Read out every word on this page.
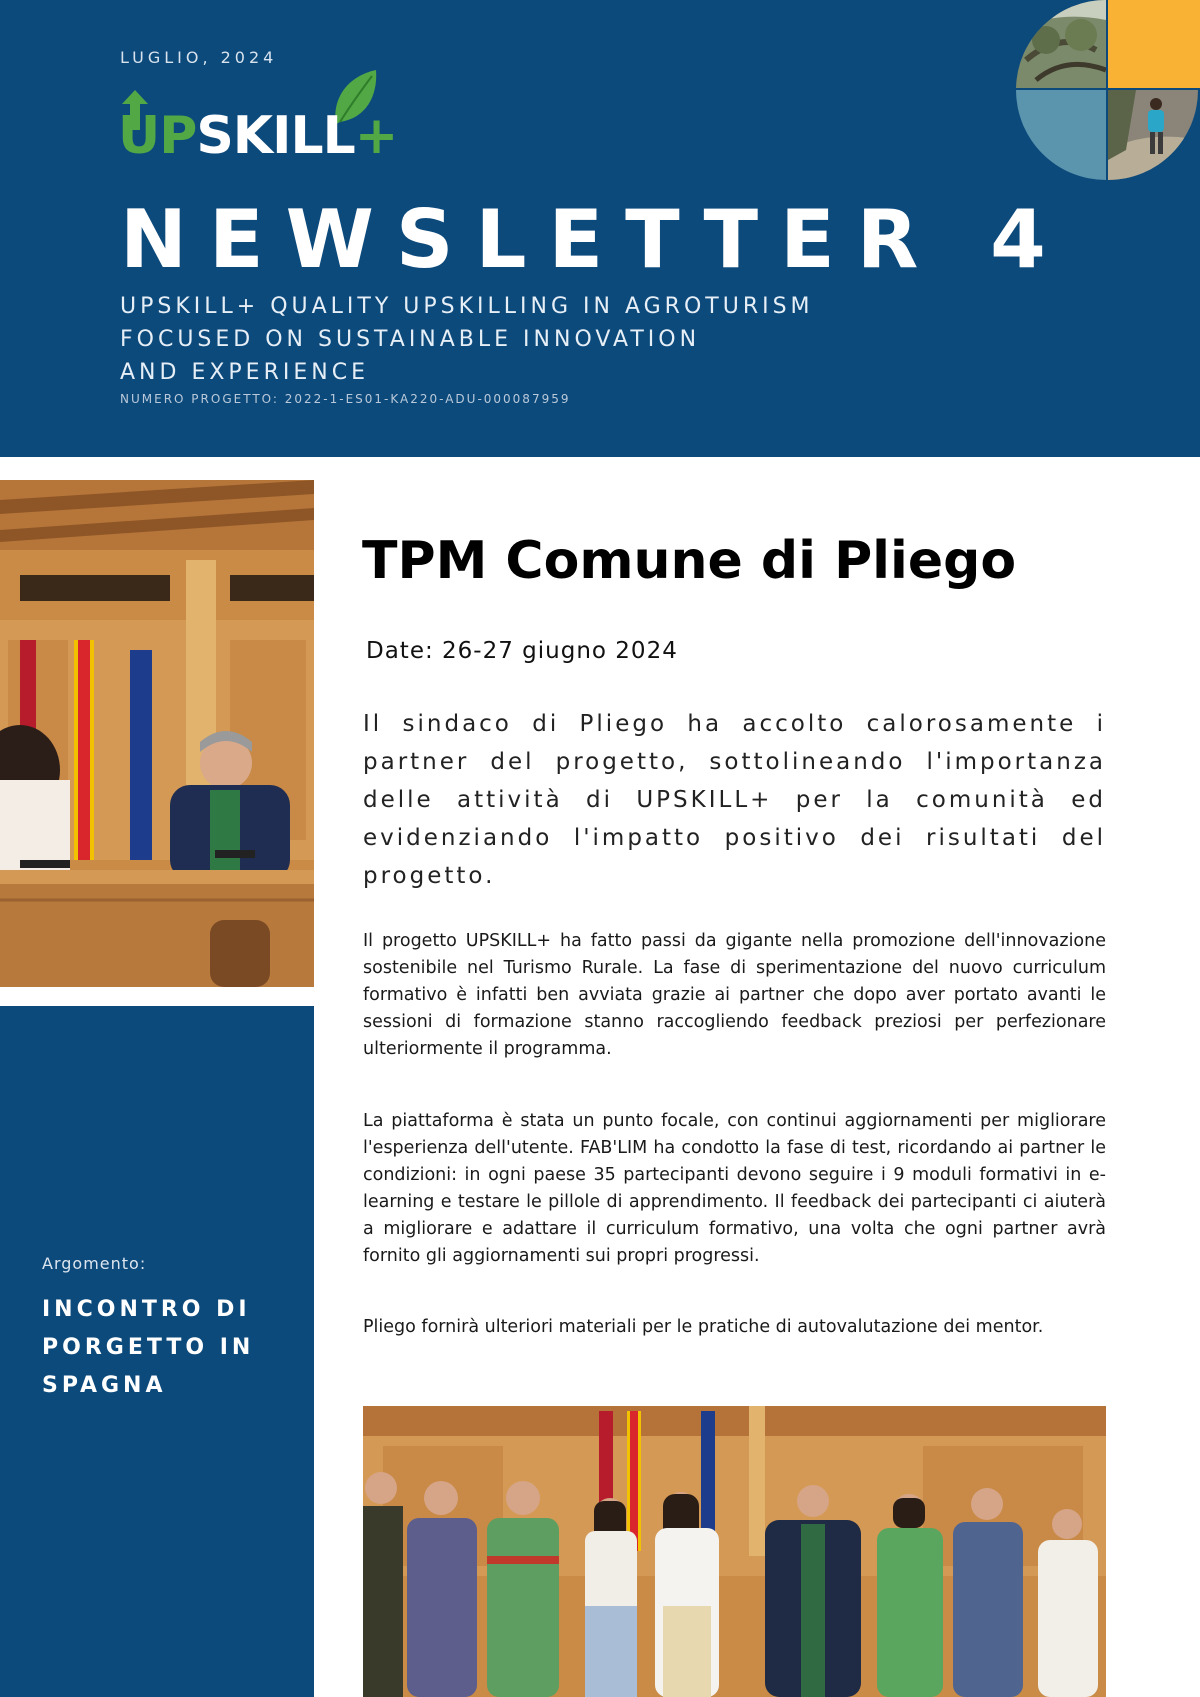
LUGLIO, 2024
UPSKILL+
NEWSLETTER 4
UPSKILL+ QUALITY UPSKILLING IN AGROTURISM
FOCUSED ON SUSTAINABLE INNOVATION
AND EXPERIENCE
NUMERO PROGETTO: 2022-1-ES01-KA220-ADU-000087959
Argomento:
INCONTRO DI PORGETTO IN SPAGNA
TPM Comune di Pliego
Date: 26-27 giugno 2024

Il sindaco di Pliego ha accolto calorosamente i partner del progetto, sottolineando l'importanza delle attività di UPSKILL+ per la comunità ed evidenziando l'impatto positivo dei risultati del progetto.

Il progetto UPSKILL+ ha fatto passi da gigante nella promozione dell'innovazione sostenibile nel Turismo Rurale. La fase di sperimentazione del nuovo curriculum formativo è infatti ben avviata grazie ai partner che dopo aver portato avanti le sessioni di formazione stanno raccogliendo feedback preziosi per perfezionare ulteriormente il programma.

La piattaforma è stata un punto focale, con continui aggiornamenti per migliorare l'esperienza dell'utente. FAB'LIM ha condotto la fase di test, ricordando ai partner le condizioni: in ogni paese 35 partecipanti devono seguire i 9 moduli formativi in e-learning e testare le pillole di apprendimento. Il feedback dei partecipanti ci aiuterà a migliorare e adattare il curriculum formativo, una volta che ogni partner avrà fornito gli aggiornamenti sui propri progressi.

Pliego fornirà ulteriori materiali per le pratiche di autovalutazione dei mentor.
